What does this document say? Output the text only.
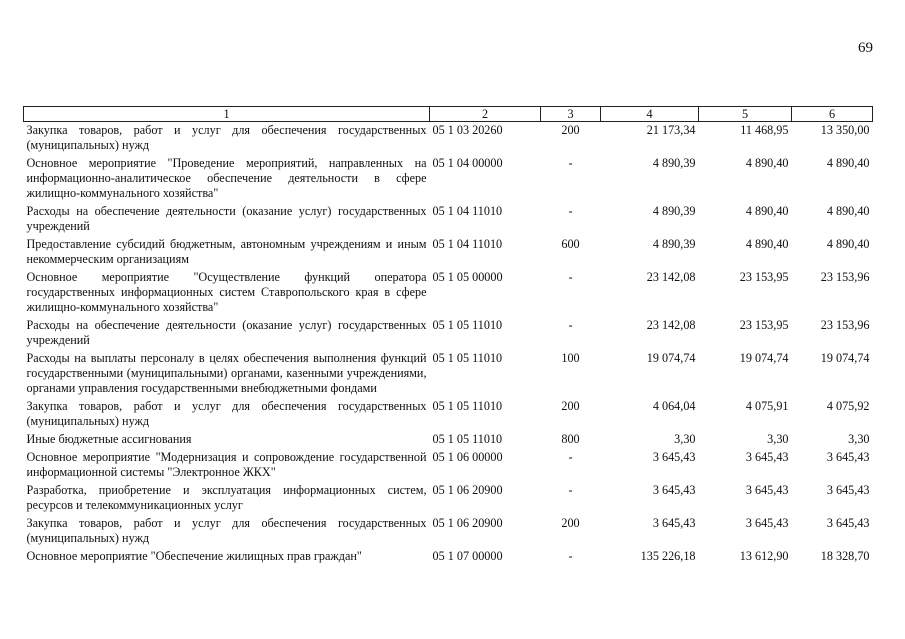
69
1	2	3	4	5	6
Закупка товаров, работ и услуг для обеспечения государственных (муниципальных) нужд	05 1 03 20260	200	21 173,34	11 468,95	13 350,00
Основное мероприятие "Проведение мероприятий, направленных на информационно-аналитическое обеспечение деятельности в сфере жилищно-коммунального хозяйства"	05 1 04 00000	-	4 890,39	4 890,40	4 890,40
Расходы на обеспечение деятельности (оказание услуг) государственных учреждений	05 1 04 11010	-	4 890,39	4 890,40	4 890,40
Предоставление субсидий бюджетным, автономным учреждениям и иным некоммерческим организациям	05 1 04 11010	600	4 890,39	4 890,40	4 890,40
Основное мероприятие "Осуществление функций оператора государственных информационных систем Ставропольского края в сфере жилищно-коммунального хозяйства"	05 1 05 00000	-	23 142,08	23 153,95	23 153,96
Расходы на обеспечение деятельности (оказание услуг) государственных учреждений	05 1 05 11010	-	23 142,08	23 153,95	23 153,96
Расходы на выплаты персоналу в целях обеспечения выполнения функций государственными (муниципальными) органами, казенными учреждениями, органами управления государственными внебюджетными фондами	05 1 05 11010	100	19 074,74	19 074,74	19 074,74
Закупка товаров, работ и услуг для обеспечения государственных (муниципальных) нужд	05 1 05 11010	200	4 064,04	4 075,91	4 075,92
Иные бюджетные ассигнования	05 1 05 11010	800	3,30	3,30	3,30
Основное мероприятие "Модернизация и сопровождение государственной информационной системы "Электронное ЖКХ"	05 1 06 00000	-	3 645,43	3 645,43	3 645,43
Разработка, приобретение и эксплуатация информационных систем, ресурсов и телекоммуникационных услуг	05 1 06 20900	-	3 645,43	3 645,43	3 645,43
Закупка товаров, работ и услуг для обеспечения государственных (муниципальных) нужд	05 1 06 20900	200	3 645,43	3 645,43	3 645,43
Основное мероприятие "Обеспечение жилищных прав граждан"	05 1 07 00000	-	135 226,18	13 612,90	18 328,70
